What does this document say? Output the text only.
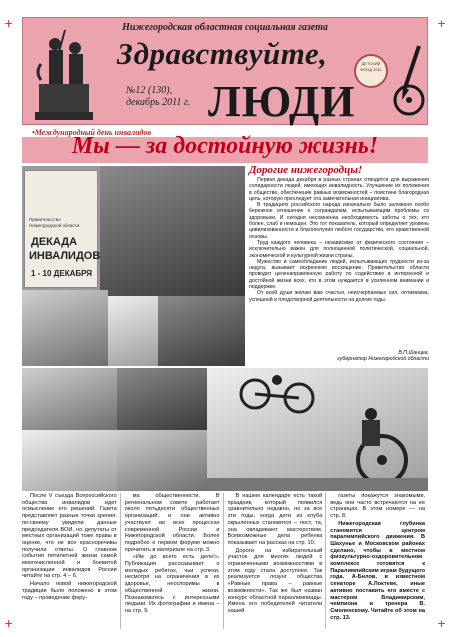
+	+
+	+
Нижегородская областная социальная газета
Здравствуйте,
№12 (130),
декабрь 2011 г. ЛЮДИ
ДЕТСКИЙ ФОНД 2011
•Международный день инвалидов
Мы — за достойную жизнь!
Правительство
Нижегородской области
ДЕКАДА
ИНВАЛИДОВ
1 - 10 ДЕКАБРЯ
Дорогие нижегородцы!

Первая декада декабря в разных странах отводится для выражения солидарности людей, имеющих инвалидность. Улучшение их положения в обществе, обеспечение равных возможностей – поистине благородная цель, которую преследует эта замечательная инициатива.

В традициях российского народа изначально было заложено особо бережное отношение к согражданам, испытывающим проблемы со здоровьем. И сегодня несомненна необходимость заботы о тех, кто болен, слаб и немощен. Это тот показатель, который определяет уровень цивилизованности и благополучия любого государства, его нравственной основы.

Труд каждого человека – независимо от физического состояния – исключительно важен для полноценной политической, социальной, экономической и культурной жизни страны.

Мужество и самообладание людей, испытывающих трудности из-за недуга, вызывает искреннюю восхищение. Правительство области проводит целенаправленную работу по содействию в интересной и достойной жизни всех, кто в этом нуждается в усиленном внимании и поддержке.

От всей души желаю вам счастья, неисчерпаемых сил, оптимизма, успешной и плодотворной деятельности на долгие годы.

В.П.Шанцев,
губернатор Нижегородской области

После V съезда Всероссийского общества инвалидов идет осмысление его решений. Газета представляет разные точки зрения: по-своему увидели данные председателя ВОИ, но депутаты от местных организаций тоже правы в оценке, что не все красноречивы получили ответы. О главном события пятилетней жизни самой многочисленной и боевитой организации инвалидов России читайте на стр. 4 – 6.

Начало новой нижегородской традиции было положено в этом году – проведение фору-

ма общественности. В региональном совете работает около пятьдесяти общественных организаций, и они активно участвуют во всех процессах современной России и Нижегородской области. Более подробно о первом форуме можно прочитать в материале на стр. 3.

«Им до всего есть дело!». Публикация рассказывает о молодых ребятах, чьи успехи, несмотря на ограничения в их здоровье, неоспоримы в общественной жизни. Познакомьтесь с интересными людьми. Их фотографии и имена – на стр. 9.

В нашем календаре есть такой праздник, который появился сравнительно недавно, но за все эти годы, когда дети из клуба окрыленных становятся – пост, та, она овладевают мастерством. Всевозможные дела ребенка показывает на рассказ на стр. 10.

Дороги на избирательный участок для многих людей с ограниченными возможностями в этом году стала доступнее. Так реализуется лозунг общества «Равные права – равные возможности». Так же был назван конкурс областной параолимпиады. Имена его победителей читатели нашей

газеты покажутся знакомыми, ведь они часто встречаются на ее страницах. В этом номере — на стр. 8.

Нижегородская глубинка становится центром паралимпийского движения. В Шахунье и Московском районах сделано, чтобы в местном физкультурно-оздоровительном комплексе готовятся к Паралимпийским играм будущего года. А-Бнлов, в известном сенаторе А.Локтеве, иные активно поставить его вместе с мастером Владимирским, чемпиона и тренера В. Смоленскому. Читайте об этом на стр. 13.
